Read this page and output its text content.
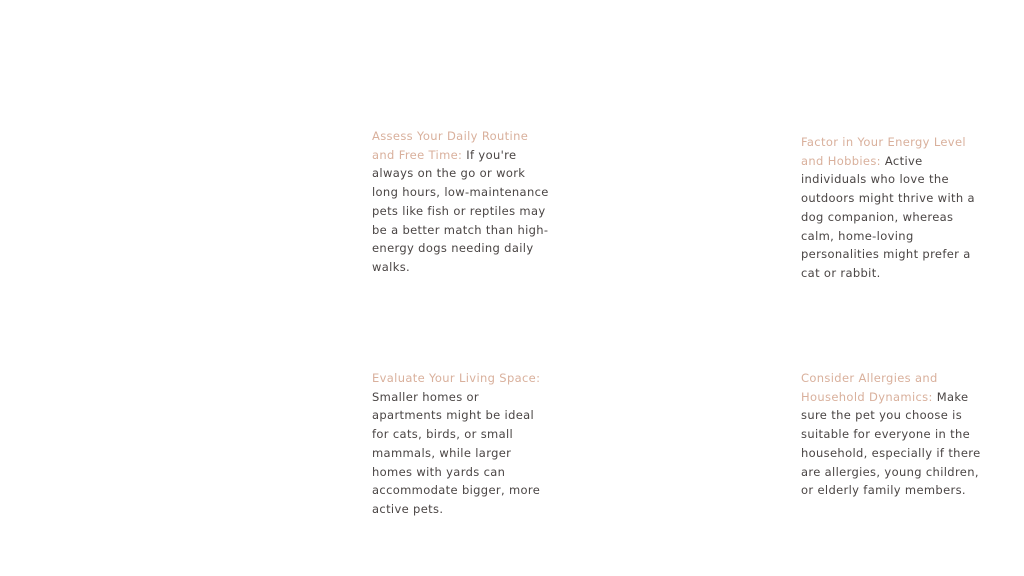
Assess Your Daily Routine and Free Time: If you're always on the go or work long hours, low-maintenance pets like fish or reptiles may be a better match than high-energy dogs needing daily walks.
Factor in Your Energy Level and Hobbies: Active individuals who love the outdoors might thrive with a dog companion, whereas calm, home-loving personalities might prefer a cat or rabbit.
Evaluate Your Living Space: Smaller homes or apartments might be ideal for cats, birds, or small mammals, while larger homes with yards can accommodate bigger, more active pets.
Consider Allergies and Household Dynamics: Make sure the pet you choose is suitable for everyone in the household, especially if there are allergies, young children, or elderly family members.
